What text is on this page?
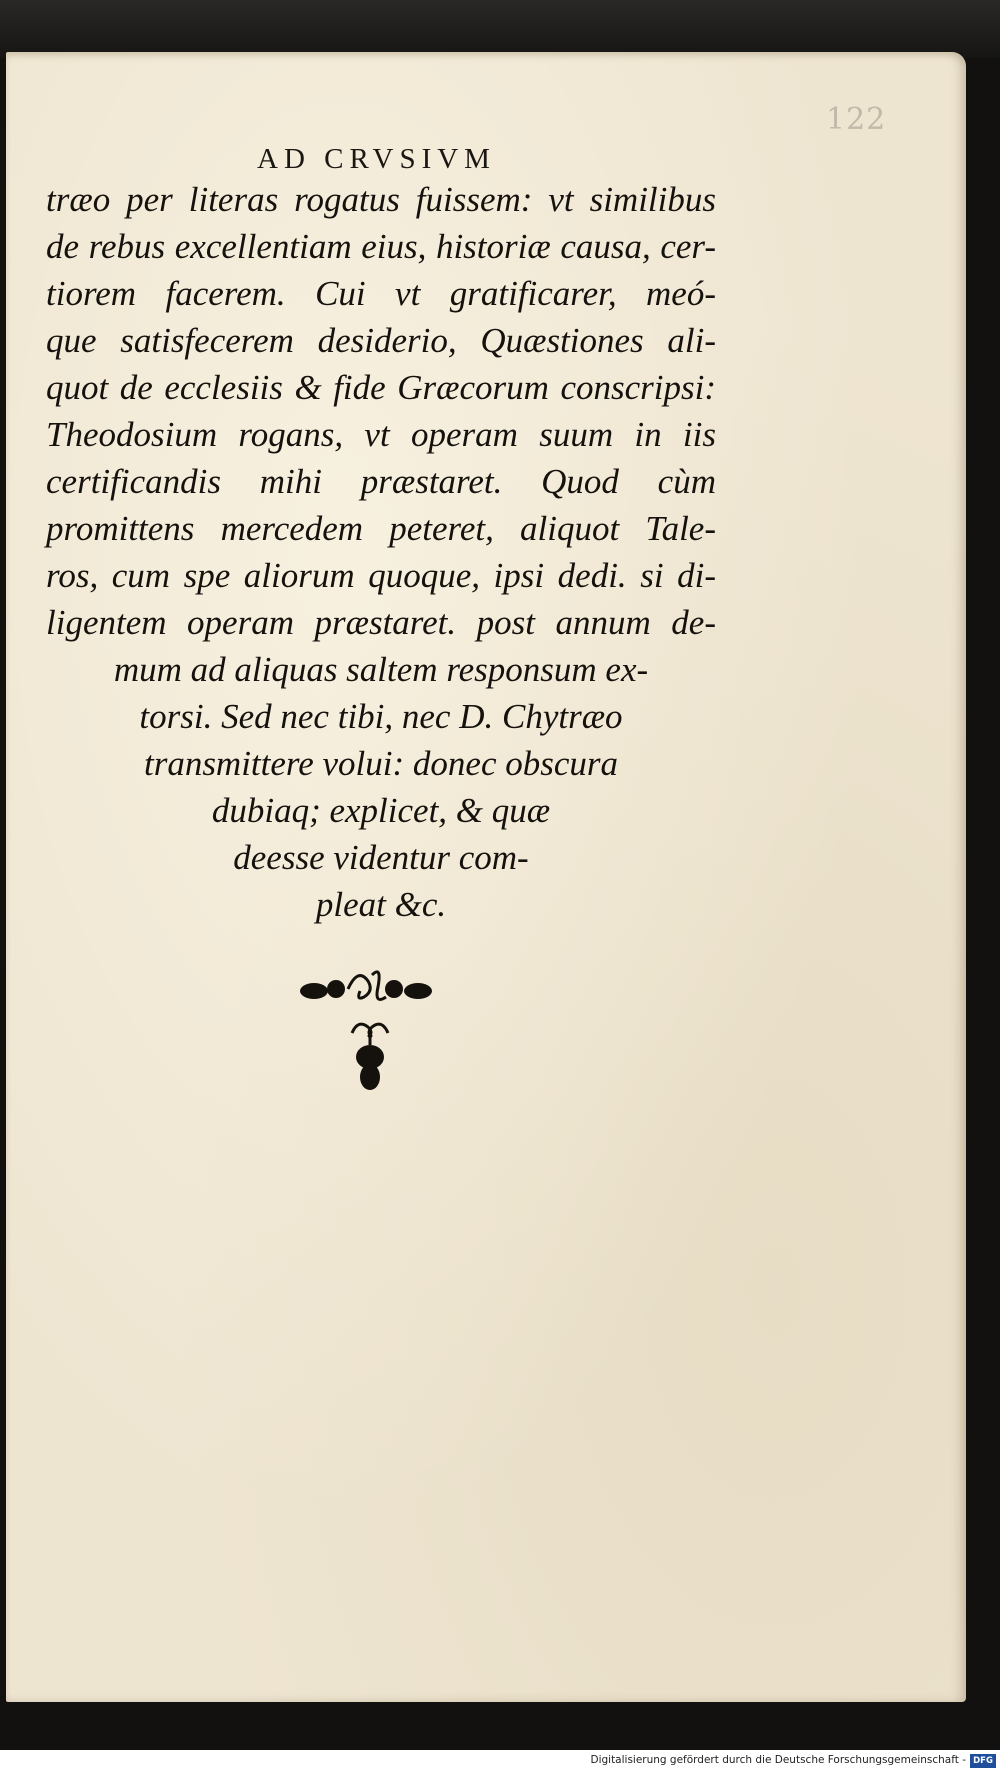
122
AD CRVSIVM
træo per literas rogatus fuissem: vt similibus
de rebus excellentiam eius, historiæ causa, cer-
tiorem facerem. Cui vt gratificarer, meó-
que satisfecerem desiderio, Quæstiones ali-
quot de ecclesiis & fide Græcorum conscripsi:
Theodosium rogans, vt operam suum in iis
certificandis mihi præstaret. Quod cùm
promittens mercedem peteret, aliquot Tale-
ros, cum spe aliorum quoque, ipsi dedi. si di-
ligentem operam præstaret. post annum de-
mum ad aliquas saltem responsum ex-
torsi. Sed nec tibi, nec D. Chytræo
transmittere volui: donec obscura
dubiaq; explicet, & quæ
deesse videntur com-
pleat &c.
Digitalisierung gefördert durch die Deutsche Forschungsgemeinschaft - DFG
